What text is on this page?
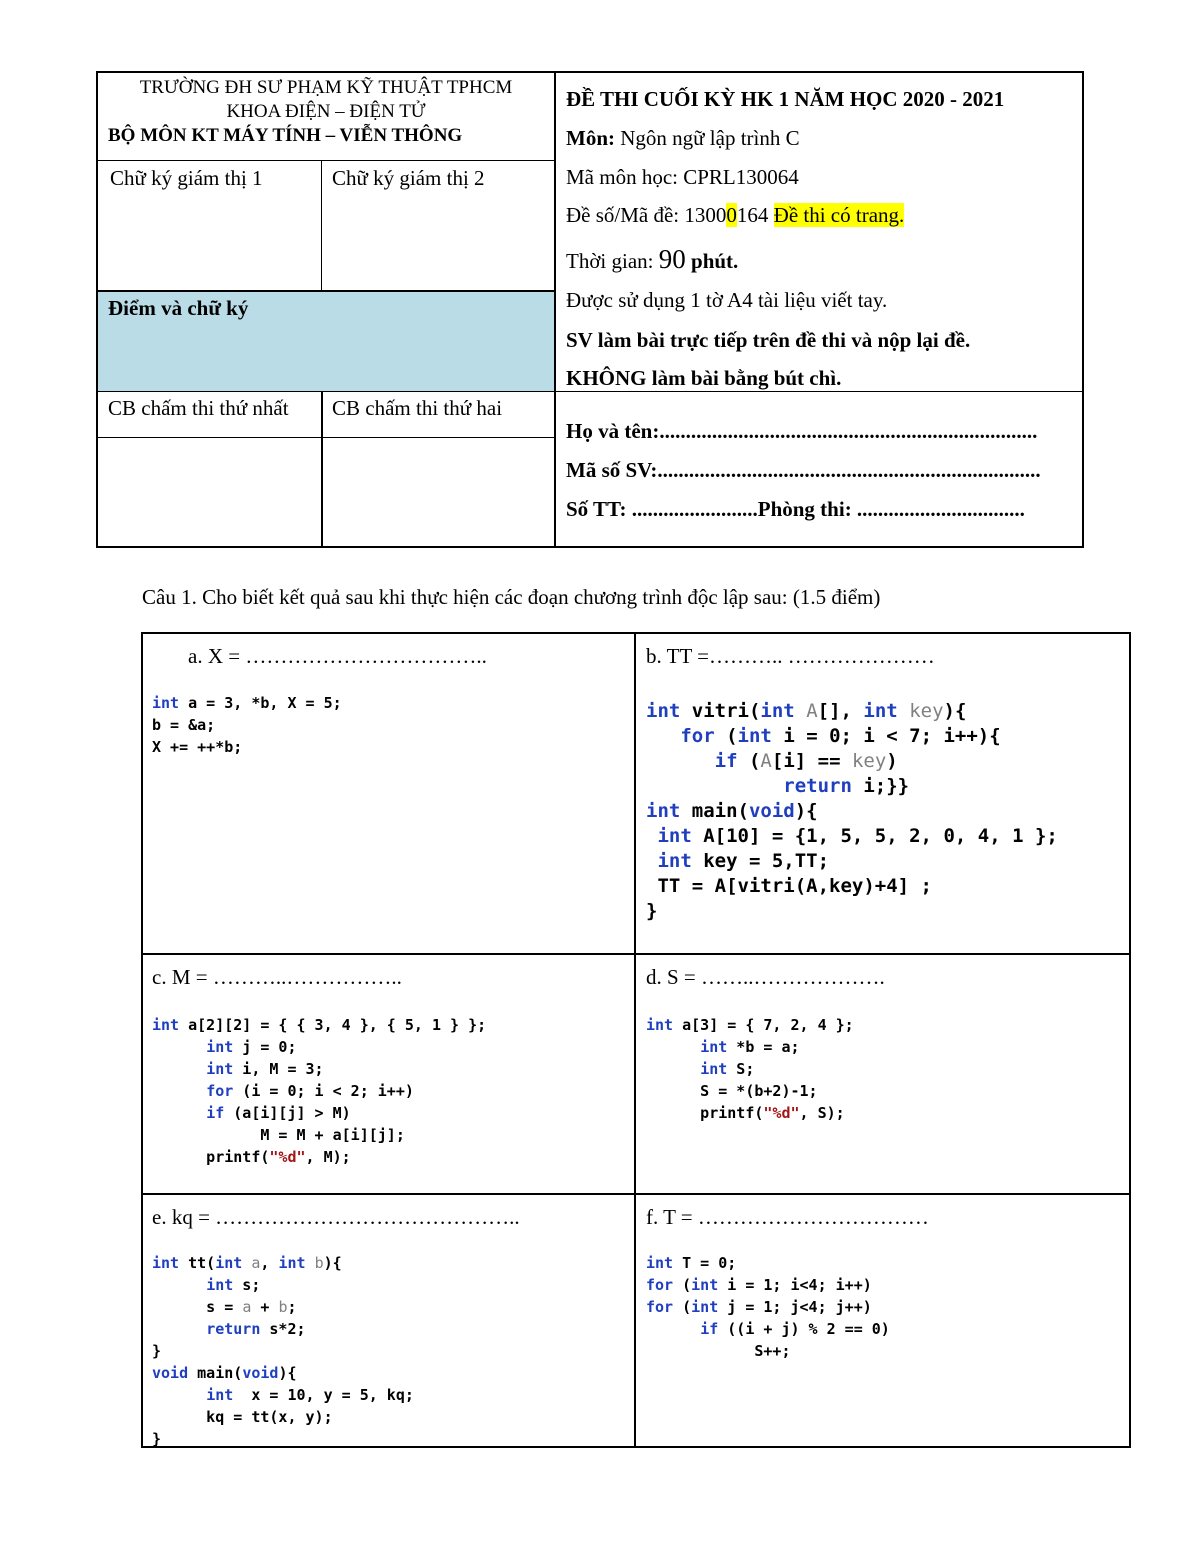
TRƯỜNG ĐH SƯ PHẠM KỸ THUẬT TPHCM
KHOA ĐIỆN – ĐIỆN TỬ
BỘ MÔN KT MÁY TÍNH – VIỄN THÔNG
Chữ ký giám thị 1	Chữ ký giám thị 2
Điểm và chữ ký
CB chấm thi thứ nhất CB chấm thi thứ hai
ĐỀ THI CUỐI KỲ HK 1 NĂM HỌC 2020 - 2021
Môn: Ngôn ngữ lập trình C
Mã môn học: CPRL130064
Đề số/Mã đề: 13000164 Đề thi có trang.
Thời gian: 90 phút.
Được sử dụng 1 tờ A4 tài liệu viết tay.
SV làm bài trực tiếp trên đề thi và nộp lại đề.
KHÔNG làm bài bằng bút chì.
Họ và tên:........................................................................
Mã số SV:.........................................................................
Số TT: ........................Phòng thi: ................................
Câu 1. Cho biết kết quả sau khi thực hiện các đoạn chương trình độc lập sau: (1.5 điểm)
a. X = ……………………………..
int a = 3, *b, X = 5;
b = &a;
X += ++*b;
b. TT =……….. …………………
int vitri(int A[], int key){
for (int i = 0; i < 7; i++){
if (A[i] == key)
return i;}}
int main(void){
int A[10] = {1, 5, 5, 2, 0, 4, 1 };
int key = 5,TT;
TT = A[vitri(A,key)+4] ;
}
c. M = ………..……………..
int a[2][2] = { { 3, 4 }, { 5, 1 } };
int j = 0;
int i, M = 3;
for (i = 0; i < 2; i++)
if (a[i][j] > M)
M = M + a[i][j];
printf("%d", M);
d. S = ……..……………….
int a[3] = { 7, 2, 4 };
int *b = a;
int S;
S = *(b+2)-1;
printf("%d", S);
e. kq = ……………………………………..
int tt(int a, int b){
int s;
s = a + b;
return s*2;
}
void main(void){
int  x = 10, y = 5, kq;
kq = tt(x, y);
}
f. T = ……………………………
int T = 0;
for (int i = 1; i<4; i++)
for (int j = 1; j<4; j++)
if ((i + j) % 2 == 0)
S++;
